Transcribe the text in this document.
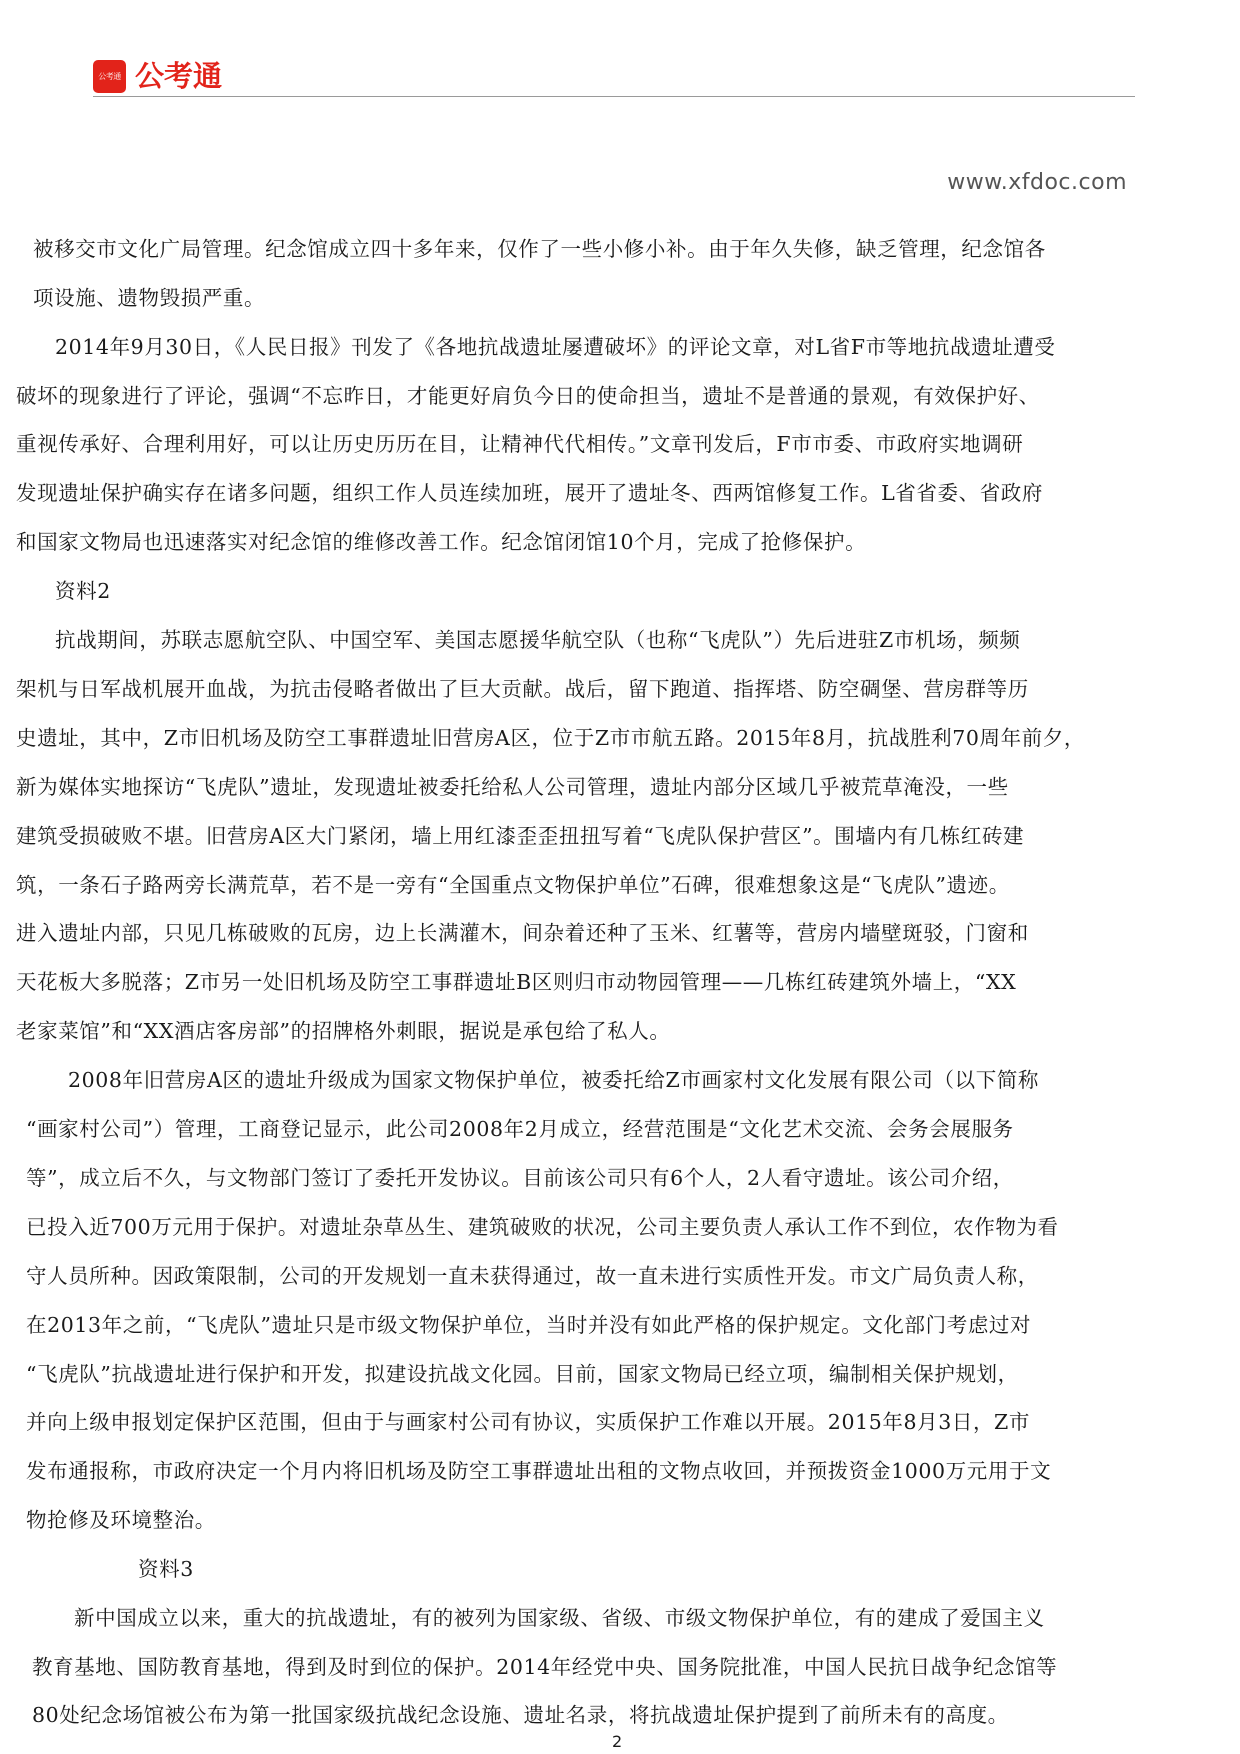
公考通 公考通
www.xfdoc.com
被移交市文化广局管理。纪念馆成立四十多年来，仅作了一些小修小补。由于年久失修，缺乏管理，纪念馆各
项设施、遗物毁损严重。
2014年9月30日，《人民日报》刊发了《各地抗战遗址屡遭破坏》的评论文章，对L省F市等地抗战遗址遭受
破坏的现象进行了评论，强调“不忘昨日，才能更好肩负今日的使命担当，遗址不是普通的景观，有效保护好、
重视传承好、合理利用好，可以让历史历历在目，让精神代代相传。”文章刊发后，F市市委、市政府实地调研
发现遗址保护确实存在诸多问题，组织工作人员连续加班，展开了遗址冬、西两馆修复工作。L省省委、省政府
和国家文物局也迅速落实对纪念馆的维修改善工作。纪念馆闭馆10个月，完成了抢修保护。
资料2
抗战期间，苏联志愿航空队、中国空军、美国志愿援华航空队（也称“飞虎队”）先后进驻Z市机场，频频
架机与日军战机展开血战，为抗击侵略者做出了巨大贡献。战后，留下跑道、指挥塔、防空碉堡、营房群等历
史遗址，其中，Z市旧机场及防空工事群遗址旧营房A区，位于Z市市航五路。2015年8月，抗战胜利70周年前夕，
新为媒体实地探访“飞虎队”遗址，发现遗址被委托给私人公司管理，遗址内部分区域几乎被荒草淹没，一些
建筑受损破败不堪。旧营房A区大门紧闭，墙上用红漆歪歪扭扭写着“飞虎队保护营区”。围墙内有几栋红砖建
筑，一条石子路两旁长满荒草，若不是一旁有“全国重点文物保护单位”石碑，很难想象这是“飞虎队”遗迹。
进入遗址内部，只见几栋破败的瓦房，边上长满灌木，间杂着还种了玉米、红薯等，营房内墙壁斑驳，门窗和
天花板大多脱落；Z市另一处旧机场及防空工事群遗址B区则归市动物园管理——几栋红砖建筑外墙上，“XX
老家菜馆”和“XX酒店客房部”的招牌格外刺眼，据说是承包给了私人。
2008年旧营房A区的遗址升级成为国家文物保护单位，被委托给Z市画家村文化发展有限公司（以下简称
“画家村公司”）管理，工商登记显示，此公司2008年2月成立，经营范围是“文化艺术交流、会务会展服务
等”，成立后不久，与文物部门签订了委托开发协议。目前该公司只有6个人，2人看守遗址。该公司介绍，
已投入近700万元用于保护。对遗址杂草丛生、建筑破败的状况，公司主要负责人承认工作不到位，农作物为看
守人员所种。因政策限制，公司的开发规划一直未获得通过，故一直未进行实质性开发。市文广局负责人称，
在2013年之前，“飞虎队”遗址只是市级文物保护单位，当时并没有如此严格的保护规定。文化部门考虑过对
“飞虎队”抗战遗址进行保护和开发，拟建设抗战文化园。目前，国家文物局已经立项，编制相关保护规划，
并向上级申报划定保护区范围，但由于与画家村公司有协议，实质保护工作难以开展。2015年8月3日，Z市
发布通报称，市政府决定一个月内将旧机场及防空工事群遗址出租的文物点收回，并预拨资金1000万元用于文
物抢修及环境整治。
资料3
新中国成立以来，重大的抗战遗址，有的被列为国家级、省级、市级文物保护单位，有的建成了爱国主义
教育基地、国防教育基地，得到及时到位的保护。2014年经党中央、国务院批准，中国人民抗日战争纪念馆等
80处纪念场馆被公布为第一批国家级抗战纪念设施、遗址名录，将抗战遗址保护提到了前所未有的高度。
2
